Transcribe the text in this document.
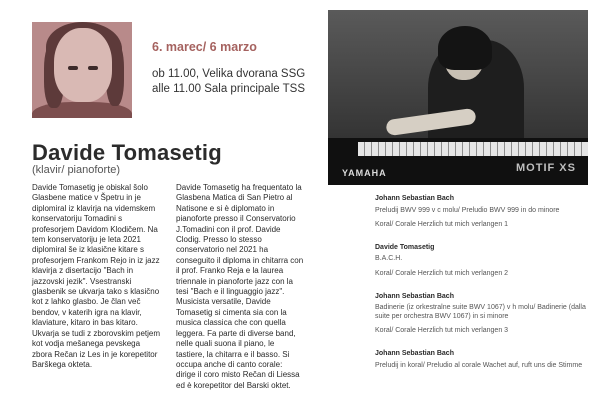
6. marec/ 6 marzo
ob 11.00, Velika dvorana SSG
alle 11.00 Sala principale TSS
Davide Tomasetig
(klavir/ pianoforte)

Davide Tomasetig je obiskal šolo Glasbene matice v Špetru in je diplomiral iz klavirja na videmskem konservatoriju Tomadini s profesorjem Davidom Klodičem. Na tem konservatoriju je leta 2021 diplomiral še iz klasične kitare s profesorjem Frankom Rejo in iz jazz klavirja z disertacijo "Bach in jazzovski jezik". Vsestranski glasbenik se ukvarja tako s klasično kot z lahko glasbo. Je član več bendov, v katerih igra na klavir, klaviature, kitaro in bas kitaro. Ukvarja se tudi z zborovskim petjem kot vodja mešanega pevskega zbora Rečan iz Les in je korepetitor Barškega okteta.

Davide Tomasetig ha frequentato la Glasbena Matica di San Pietro al Natisone e si è diplomato in pianoforte presso il Conservatorio J.Tomadini con il prof. Davide Clodig. Presso lo stesso conservatorio nel 2021 ha conseguito il diploma in chitarra con il prof. Franko Reja e la laurea triennale in pianoforte jazz con la tesi "Bach e il linguaggio jazz". Musicista versatile, Davide Tomasetig si cimenta sia con la musica classica che con quella leggera. Fa parte di diverse band, nelle quali suona il piano, le tastiere, la chitarra e il basso. Si occupa anche di canto corale: dirige il coro misto Rečan di Liessa ed è korepetitor del Barski oktet.

YAMAHA	MOTIF XS
Johann Sebastian Bach
Preludij BWV 999 v c molu/ Preludio BWV 999 in do minore
Koral/ Corale Herzlich tut mich verlangen 1
Davide Tomasetig
B.A.C.H.
Koral/ Corale Herzlich tut mich verlangen 2
Johann Sebastian Bach
Badinerie (iz orkestralne suite BWV 1067) v h molu/ Badinerie (dalla suite per orchestra BWV 1067) in si minore
Koral/ Corale Herzlich tut mich verlangen 3
Johann Sebastian Bach
Preludij in koral/ Preludio al corale Wachet auf, ruft uns die Stimme
